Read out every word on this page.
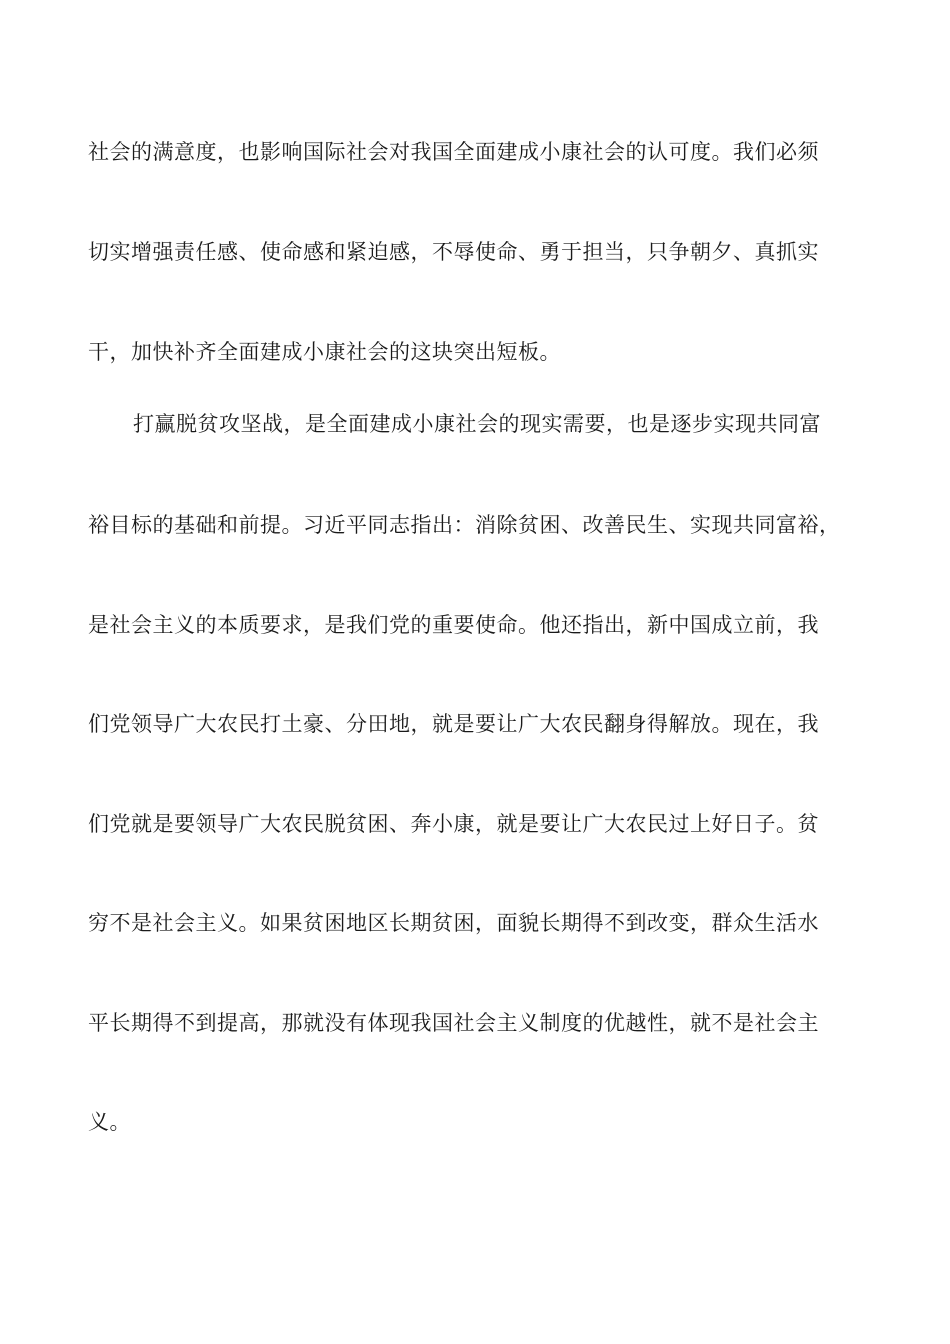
社会的满意度，也影响国际社会对我国全面建成小康社会的认可度。我们必须
切实增强责任感、使命感和紧迫感，不辱使命、勇于担当，只争朝夕、真抓实
干，加快补齐全面建成小康社会的这块突出短板。
打赢脱贫攻坚战，是全面建成小康社会的现实需要，也是逐步实现共同富
裕目标的基础和前提。习近平同志指出：消除贫困、改善民生、实现共同富裕，
是社会主义的本质要求，是我们党的重要使命。他还指出，新中国成立前，我
们党领导广大农民打土豪、分田地，就是要让广大农民翻身得解放。现在，我
们党就是要领导广大农民脱贫困、奔小康，就是要让广大农民过上好日子。贫
穷不是社会主义。如果贫困地区长期贫困，面貌长期得不到改变，群众生活水
平长期得不到提高，那就没有体现我国社会主义制度的优越性，就不是社会主
义。
